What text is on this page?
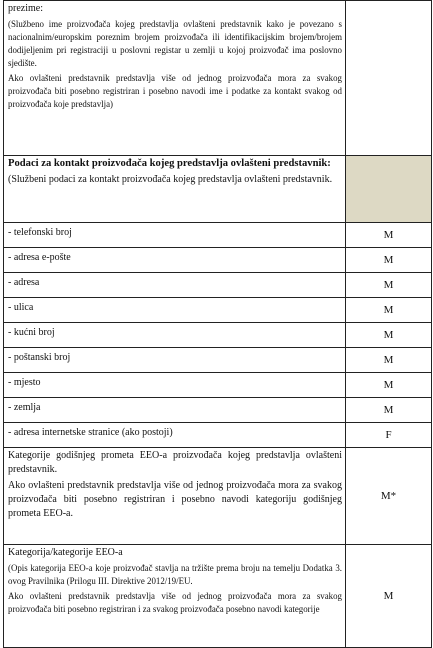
prezime:

(Službeno ime proizvođača kojeg predstavlja ovlašteni predstavnik kako je povezano s nacionalnim/europskim poreznim brojem proizvođača ili identifikacijskim brojem/brojem dodijeljenim pri registraciji u poslovni registar u zemlji u kojoj proizvođač ima poslovno sjedište.

Ako ovlašteni predstavnik predstavlja više od jednog proizvođača mora za svakog proizvođača biti posebno registriran i posebno navodi ime i podatke za kontakt svakog od proizvođača koje predstavlja)	

Podaci za kontakt proizvođača kojeg predstavlja ovlašteni predstavnik:

(Službeni podaci za kontakt proizvođača kojeg predstavlja ovlašteni predstavnik.	

- telefonski broj	M

- adresa e-pošte	M

- adresa	M

- ulica	M

- kućni broj	M

- poštanski broj	M

- mjesto	M

- zemlja	M

- adresa internetske stranice (ako postoji)	F

Kategorije godišnjeg prometa EEO-a proizvođača kojeg predstavlja ovlašteni predstavnik.

Ako ovlašteni predstavnik predstavlja više od jednog proizvođača mora za svakog proizvođača biti posebno registriran i posebno navodi kategoriju godišnjeg prometa EEO-a.	M*

Kategorija/kategorije EEO-a

(Opis kategorija EEO-a koje proizvođač stavlja na tržište prema broju na temelju Dodatka 3. ovog Pravilnika (Prilogu III. Direktive 2012/19/EU.

Ako ovlašteni predstavnik predstavlja više od jednog proizvođača mora za svakog proizvođača biti posebno registriran i za svakog proizvođača posebno navodi kategorije	M
